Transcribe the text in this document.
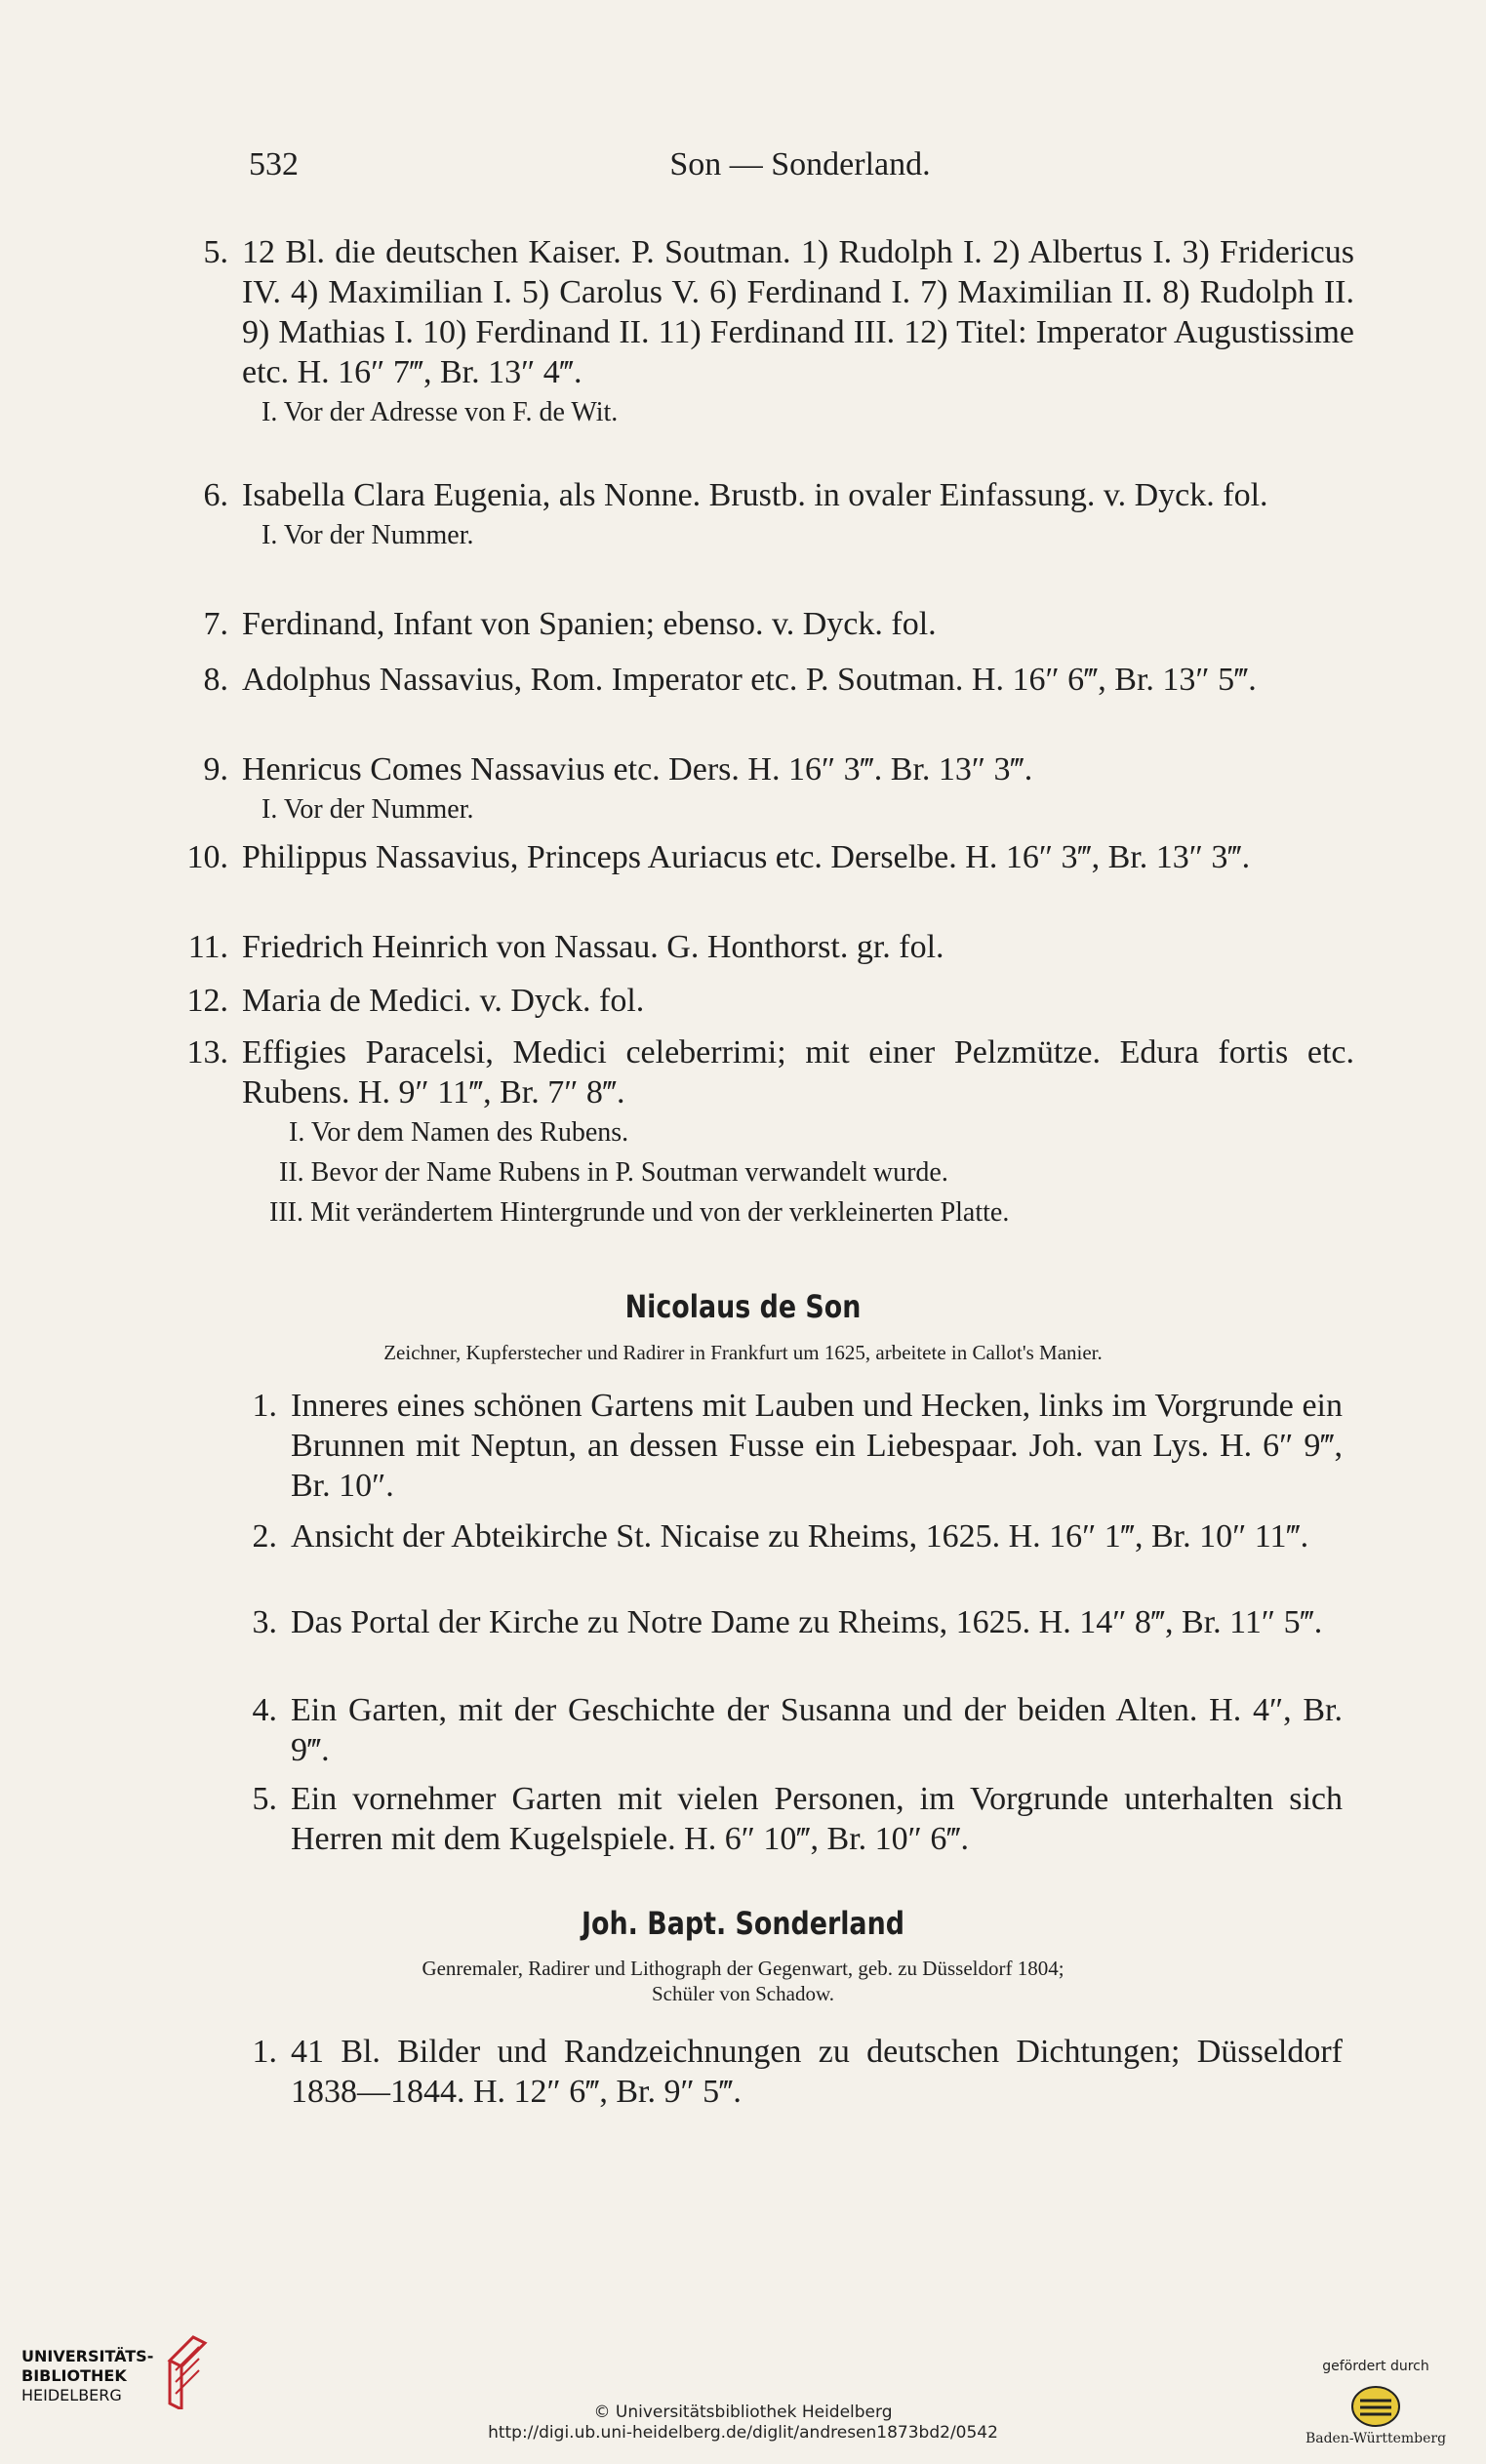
532	Son — Sonderland.
5. 12 Bl. die deutschen Kaiser. P. Soutman. 1) Rudolph I. 2) Albertus I. 3) Fridericus IV. 4) Maximilian I. 5) Carolus V. 6) Ferdinand I. 7) Maximilian II. 8) Rudolph II. 9) Mathias I. 10) Ferdinand II. 11) Ferdinand III. 12) Titel: Imperator Augustissime etc. H. 16″ 7‴, Br. 13″ 4‴.
I. Vor der Adresse von F. de Wit.
6. Isabella Clara Eugenia, als Nonne. Brustb. in ovaler Einfassung. v. Dyck. fol.
I. Vor der Nummer.
7. Ferdinand, Infant von Spanien; ebenso. v. Dyck. fol.
8. Adolphus Nassavius, Rom. Imperator etc. P. Soutman. H. 16″ 6‴, Br. 13″ 5‴.
9. Henricus Comes Nassavius etc. Ders. H. 16″ 3‴. Br. 13″ 3‴.
I. Vor der Nummer.
10. Philippus Nassavius, Princeps Auriacus etc. Derselbe. H. 16″ 3‴, Br. 13″ 3‴.
11. Friedrich Heinrich von Nassau. G. Honthorst. gr. fol.
12. Maria de Medici. v. Dyck. fol.
13. Effigies Paracelsi, Medici celeberrimi; mit einer Pelzmütze. Edura fortis etc. Rubens. H. 9″ 11‴, Br. 7″ 8‴.
I. Vor dem Namen des Rubens.
II. Bevor der Name Rubens in P. Soutman verwandelt wurde.
III. Mit verändertem Hintergrunde und von der verkleinerten Platte.
Nicolaus de Son
Zeichner, Kupferstecher und Radirer in Frankfurt um 1625, arbeitete in Callot's Manier.
1. Inneres eines schönen Gartens mit Lauben und Hecken, links im Vorgrunde ein Brunnen mit Neptun, an dessen Fusse ein Liebespaar. Joh. van Lys. H. 6″ 9‴, Br. 10″.
2. Ansicht der Abteikirche St. Nicaise zu Rheims, 1625. H. 16″ 1‴, Br. 10″ 11‴.
3. Das Portal der Kirche zu Notre Dame zu Rheims, 1625. H. 14″ 8‴, Br. 11″ 5‴.
4. Ein Garten, mit der Geschichte der Susanna und der beiden Alten. H. 4″, Br. 9‴.
5. Ein vornehmer Garten mit vielen Personen, im Vorgrunde unterhalten sich Herren mit dem Kugelspiele. H. 6″ 10‴, Br. 10″ 6‴.
Joh. Bapt. Sonderland
Genremaler, Radirer und Lithograph der Gegenwart, geb. zu Düsseldorf 1804;
Schüler von Schadow.
1. 41 Bl. Bilder und Randzeichnungen zu deutschen Dichtungen; Düsseldorf 1838—1844. H. 12″ 6‴, Br. 9″ 5‴.
UNIVERSITÄTS-
BIBLIOTHEK
HEIDELBERG
© Universitätsbibliothek Heidelberg
http://digi.ub.uni-heidelberg.de/diglit/andresen1873bd2/0542
gefördert durch
Baden-Württemberg
